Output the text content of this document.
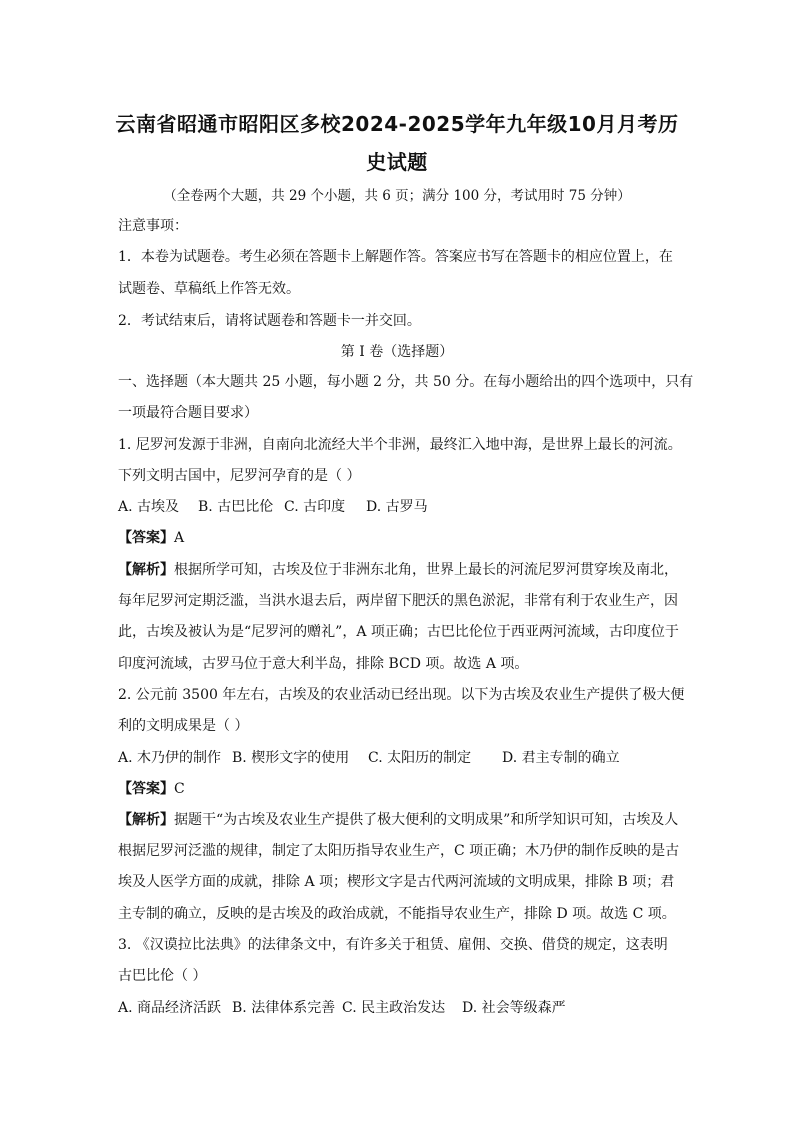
云南省昭通市昭阳区多校2024-2025学年九年级10月月考历
史试题
（全卷两个大题，共 29 个小题，共 6 页；满分 100 分，考试用时 75 分钟）
注意事项：
1．本卷为试题卷。考生必须在答题卡上解题作答。答案应书写在答题卡的相应位置上，在
试题卷、草稿纸上作答无效。
2．考试结束后，请将试题卷和答题卡一并交回。
第 I 卷（选择题）
一、选择题（本大题共 25 小题，每小题 2 分，共 50 分。在每小题给出的四个选项中，只有
一项最符合题目要求）
1. 尼罗河发源于非洲，自南向北流经大半个非洲，最终汇入地中海，是世界上最长的河流。
下列文明古国中，尼罗河孕育的是（ ）
A. 古埃及 B. 古巴比伦 C. 古印度 D. 古罗马
【答案】A
【解析】根据所学可知，古埃及位于非洲东北角，世界上最长的河流尼罗河贯穿埃及南北，
每年尼罗河定期泛滥，当洪水退去后，两岸留下肥沃的黑色淤泥，非常有利于农业生产，因
此，古埃及被认为是“尼罗河的赠礼”，A 项正确；古巴比伦位于西亚两河流域，古印度位于
印度河流域，古罗马位于意大利半岛，排除 BCD 项。故选 A 项。
2. 公元前 3500 年左右，古埃及的农业活动已经出现。以下为古埃及农业生产提供了极大便
利的文明成果是（ ）
A. 木乃伊的制作 B. 楔形文字的使用 C. 太阳历的制定 D. 君主专制的确立
【答案】C
【解析】据题干“为古埃及农业生产提供了极大便利的文明成果”和所学知识可知，古埃及人
根据尼罗河泛滥的规律，制定了太阳历指导农业生产，C 项正确；木乃伊的制作反映的是古
埃及人医学方面的成就，排除 A 项；楔形文字是古代两河流域的文明成果，排除 B 项；君
主专制的确立，反映的是古埃及的政治成就，不能指导农业生产，排除 D 项。故选 C 项。
3. 《汉谟拉比法典》的法律条文中，有许多关于租赁、雇佣、交换、借贷的规定，这表明
古巴比伦（ ）
A. 商品经济活跃 B. 法律体系完善 C. 民主政治发达 D. 社会等级森严
